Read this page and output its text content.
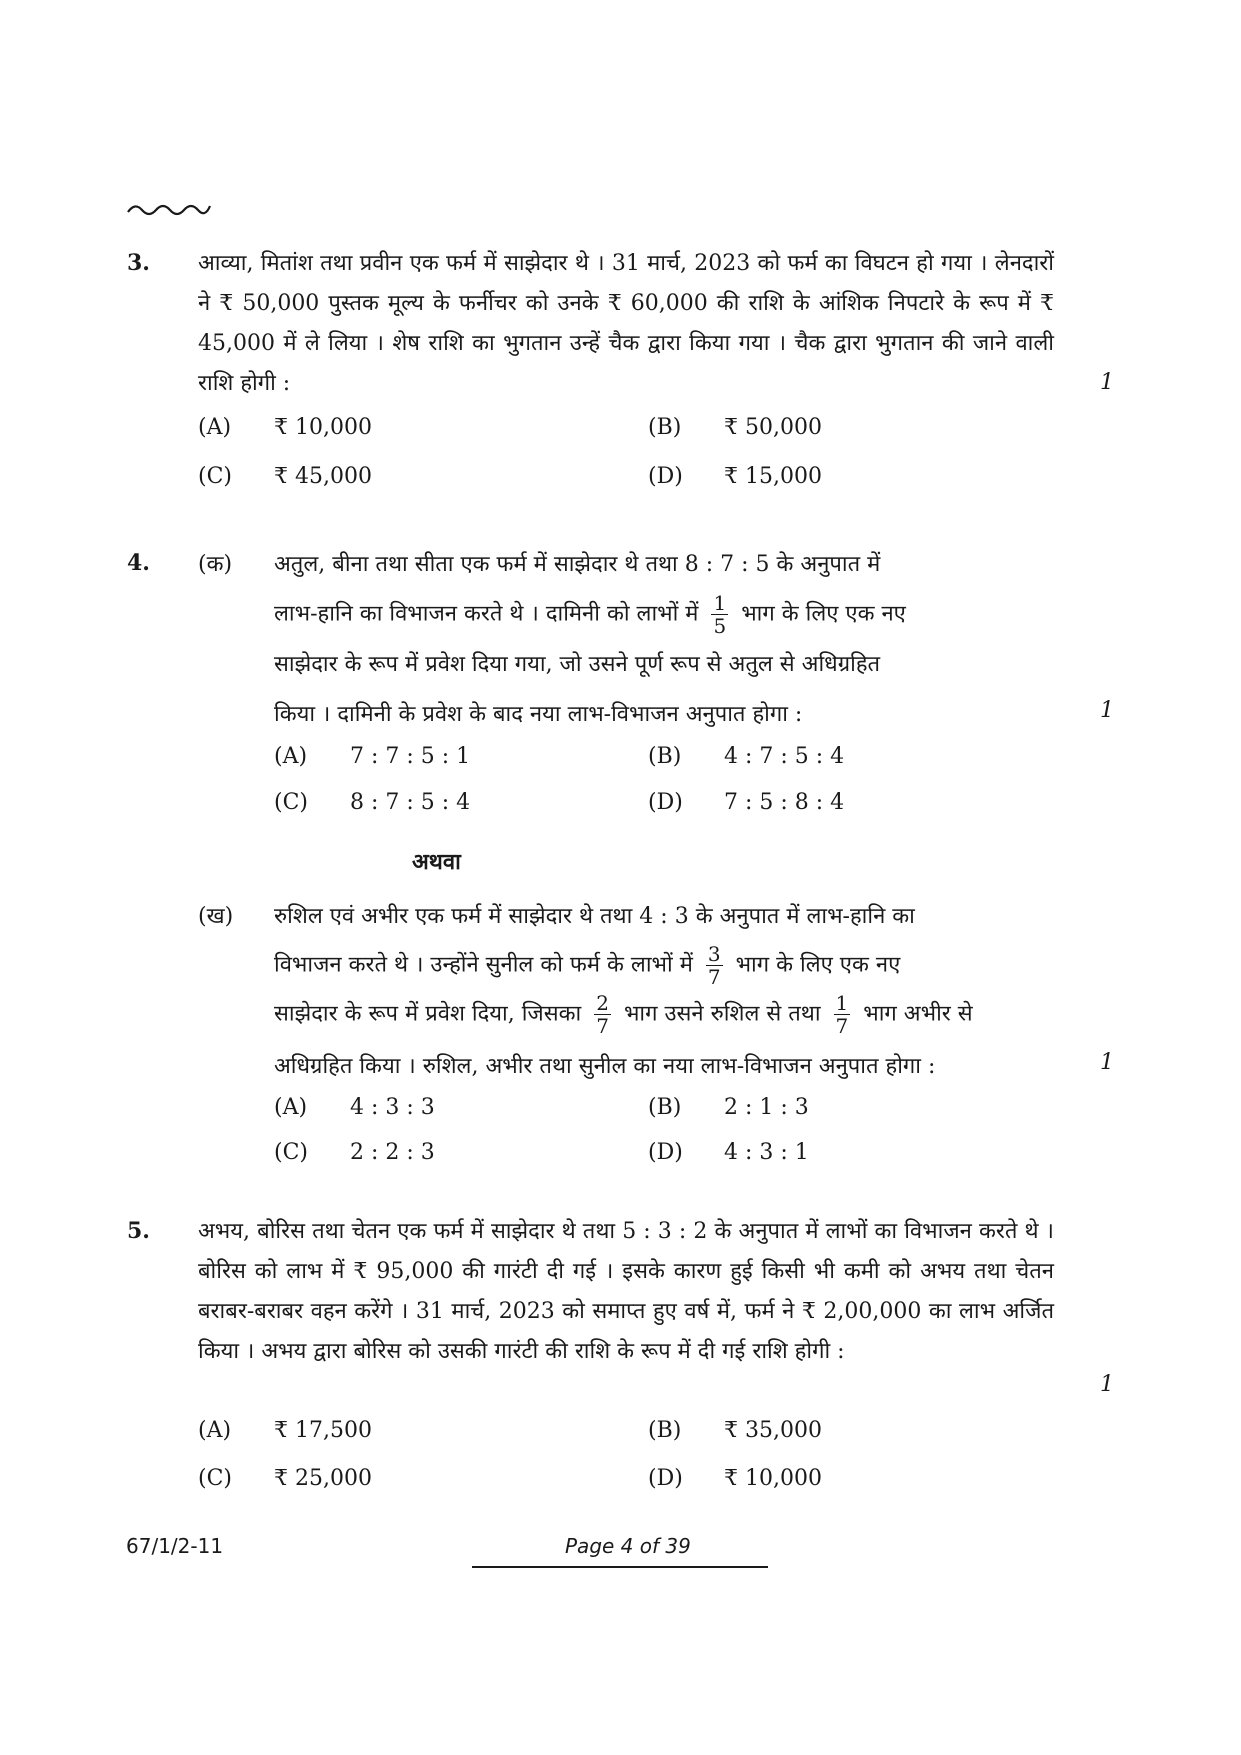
3. आव्या, मितांश तथा प्रवीन एक फर्म में साझेदार थे । 31 मार्च, 2023 को फर्म का विघटन हो गया । लेनदारों ने ₹ 50,000 पुस्तक मूल्य के फर्नीचर को उनके ₹ 60,000 की राशि के आंशिक निपटारे के रूप में ₹ 45,000 में ले लिया । शेष राशि का भुगतान उन्हें चैक द्वारा किया गया । चैक द्वारा भुगतान की जाने वाली राशि होगी :	1
(A) ₹ 10,000	(B) ₹ 50,000
(C) ₹ 45,000	(D) ₹ 15,000
4. (क) अतुल, बीना तथा सीता एक फर्म में साझेदार थे तथा 8 : 7 : 5 के अनुपात में
लाभ-हानि का विभाजन करते थे । दामिनी को लाभों में $\frac{1}{5}$ भाग के लिए एक नए
साझेदार के रूप में प्रवेश दिया गया, जो उसने पूर्ण रूप से अतुल से अधिग्रहित
किया । दामिनी के प्रवेश के बाद नया लाभ-विभाजन अनुपात होगा :	1
(A) 7 : 7 : 5 : 1	(B) 4 : 7 : 5 : 4
(C) 8 : 7 : 5 : 4	(D) 7 : 5 : 8 : 4
अथवा
(ख) रुशिल एवं अभीर एक फर्म में साझेदार थे तथा 4 : 3 के अनुपात में लाभ-हानि का
विभाजन करते थे । उन्होंने सुनील को फर्म के लाभों में $\frac{3}{7}$ भाग के लिए एक नए
साझेदार के रूप में प्रवेश दिया, जिसका $\frac{2}{7}$ भाग उसने रुशिल से तथा $\frac{1}{7}$ भाग अभीर से
अधिग्रहित किया । रुशिल, अभीर तथा सुनील का नया लाभ-विभाजन अनुपात होगा :	1
(A) 4 : 3 : 3	(B) 2 : 1 : 3
(C) 2 : 2 : 3	(D) 4 : 3 : 1
5. अभय, बोरिस तथा चेतन एक फर्म में साझेदार थे तथा 5 : 3 : 2 के अनुपात में लाभों का विभाजन करते थे । बोरिस को लाभ में ₹ 95,000 की गारंटी दी गई । इसके कारण हुई किसी भी कमी को अभय तथा चेतन बराबर-बराबर वहन करेंगे । 31 मार्च, 2023 को समाप्त हुए वर्ष में, फर्म ने ₹ 2,00,000 का लाभ अर्जित किया । अभय द्वारा बोरिस को उसकी गारंटी की राशि के रूप में दी गई राशि होगी :
1
(A) ₹ 17,500	(B) ₹ 35,000
(C) ₹ 25,000	(D) ₹ 10,000
67/1/2-11	Page 4 of 39
